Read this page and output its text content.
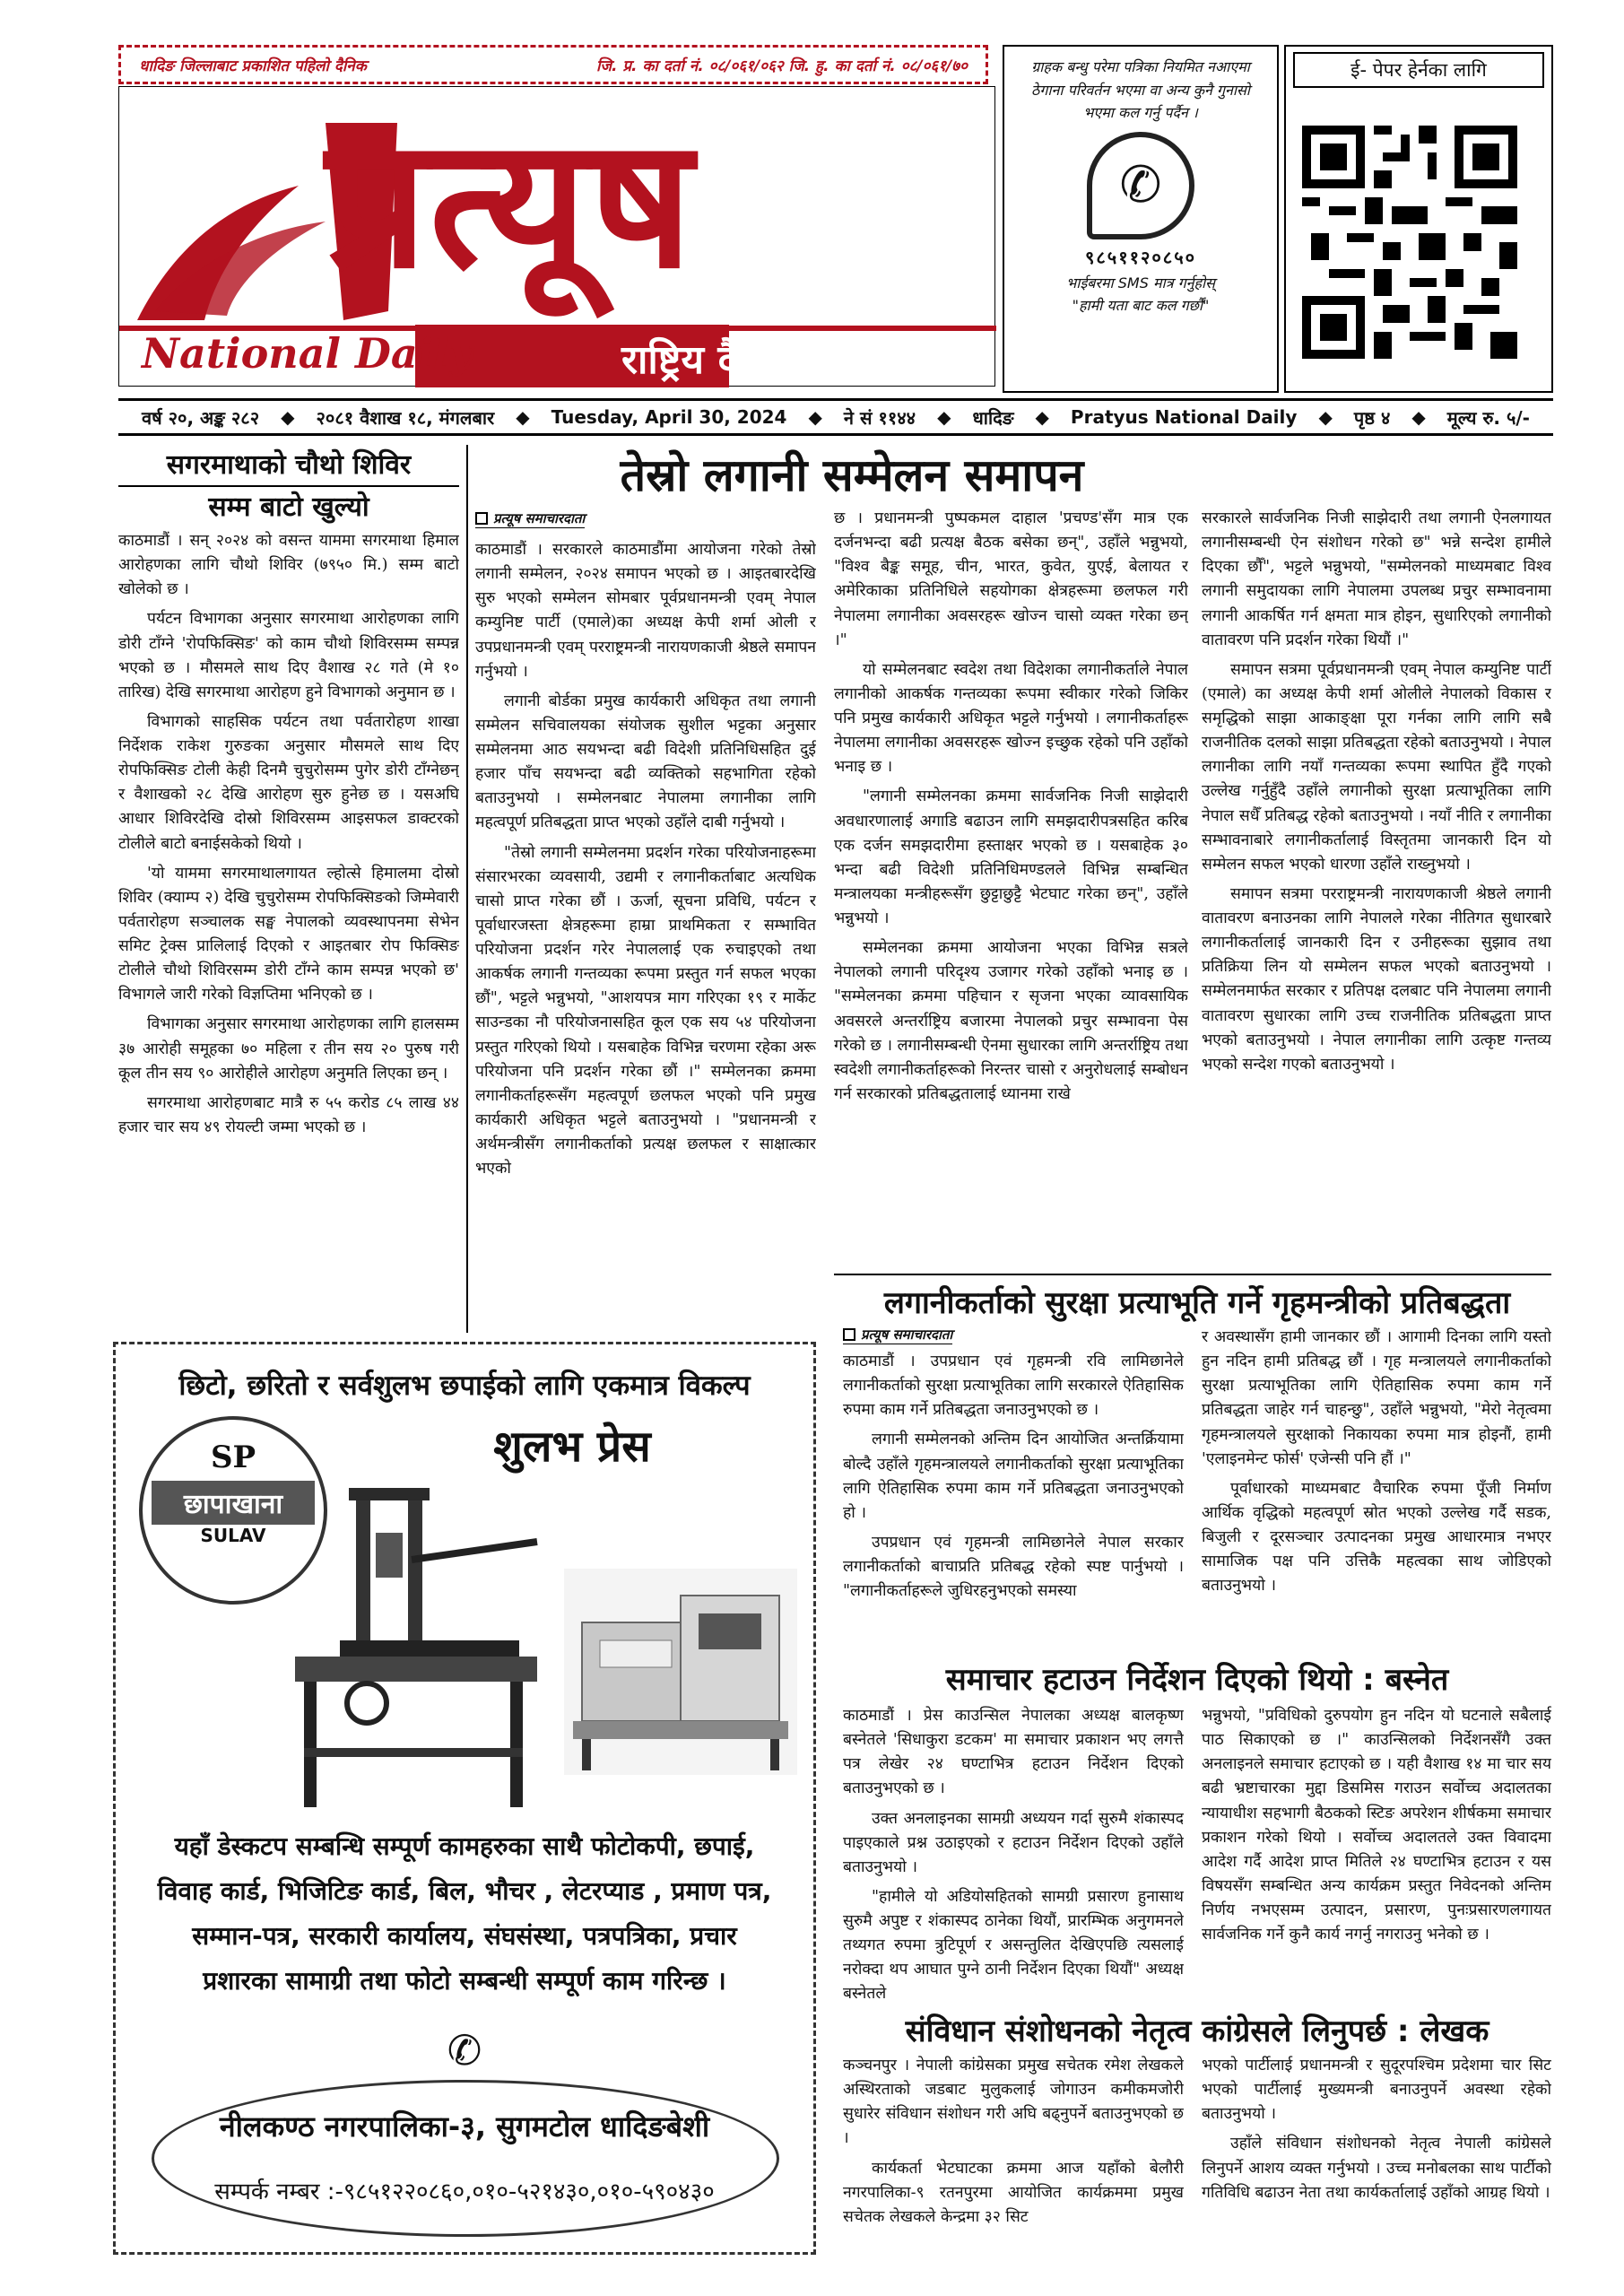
धादिङ जिल्लाबाट प्रकाशित पहिलो दैनिक	जि. प्र. का दर्ता नं. ०८/०६१/०६२ जि. हु. का दर्ता नं. ०८/०६१/७०
प्रत्यूष
National Daily	राष्ट्रिय दैनिक
ग्राहक बन्धु परेमा पत्रिका नियमित नआएमा ठेगाना परिवर्तन भएमा वा अन्य कुनै गुनासो भएमा कल गर्नु पर्दैन ।
✆
९८५११२०८५०
भाईबरमा SMS मात्र गर्नुहोस्
"हामी यता बाट कल गर्छौं"
ई- पेपर हेर्नका लागि
वर्ष २०, अङ्क २८२ ◆ २०८१ वैशाख १८, मंगलबार ◆ Tuesday, April 30, 2024 ◆ ने सं ११४४ ◆ धादिङ ◆ Pratyus National Daily ◆ पृष्ठ ४ ◆ मूल्य रु. ५/-
सगरमाथाको चौथो शिविर
सम्म बाटो खुल्यो

काठमाडौं । सन् २०२४ को वसन्त याममा सगरमाथा हिमाल आरोहणका लागि चौथो शिविर (७९५० मि.) सम्म बाटो खोलेको छ ।

पर्यटन विभागका अनुसार सगरमाथा आरोहणका लागि डोरी टाँग्ने 'रोपफिक्सिङ' को काम चौथो शिविरसम्म सम्पन्न भएको छ । मौसमले साथ दिए वैशाख २८ गते (मे १० तारिख) देखि सगरमाथा आरोहण हुने विभागको अनुमान छ ।

विभागको साहसिक पर्यटन तथा पर्वतारोहण शाखा निर्देशक राकेश गुरुङका अनुसार मौसमले साथ दिए रोपफिक्सिङ टोली केही दिनमै चुचुरोसम्म पुगेर डोरी टाँग्नेछन् र वैशाखको २८ देखि आरोहण सुरु हुनेछ छ । यसअघि आधार शिविरदेखि दोस्रो शिविरसम्म आइसफल डाक्टरको टोलीले बाटो बनाईसकेको थियो ।

'यो याममा सगरमाथालगायत ल्होत्से हिमालमा दोस्रो शिविर (क्याम्प २) देखि चुचुरोसम्म रोपफिक्सिङको जिम्मेवारी पर्वतारोहण सञ्चालक सङ्घ नेपालको व्यवस्थापनमा सेभेन समिट ट्रेक्स प्रालिलाई दिएको र आइतबार रोप फिक्सिङ टोलीले चौथो शिविरसम्म डोरी टाँग्ने काम सम्पन्न भएको छ' विभागले जारी गरेको विज्ञप्तिमा भनिएको छ ।

विभागका अनुसार सगरमाथा आरोहणका लागि हालसम्म ३७ आरोही समूहका ७० महिला र तीन सय २० पुरुष गरी कूल तीन सय ९० आरोहीले आरोहण अनुमति लिएका छन् ।

सगरमाथा आरोहणबाट मात्रै रु ५५ करोड ८५ लाख ४४ हजार चार सय ४९ रोयल्टी जम्मा भएको छ ।

तेस्रो लगानी सम्मेलन समापन
प्रत्यूष समाचारदाता

काठमाडौं । सरकारले काठमाडौंमा आयोजना गरेको तेस्रो लगानी सम्मेलन, २०२४ समापन भएको छ । आइतबारदेखि सुरु भएको सम्मेलन सोमबार पूर्वप्रधानमन्त्री एवम् नेपाल कम्युनिष्ट पार्टी (एमाले)का अध्यक्ष केपी शर्मा ओली र उपप्रधानमन्त्री एवम् परराष्ट्रमन्त्री नारायणकाजी श्रेष्ठले समापन गर्नुभयो ।

लगानी बोर्डका प्रमुख कार्यकारी अधिकृत तथा लगानी सम्मेलन सचिवालयका संयोजक सुशील भट्टका अनुसार सम्मेलनमा आठ सयभन्दा बढी विदेशी प्रतिनिधिसहित दुई हजार पाँच सयभन्दा बढी व्यक्तिको सहभागिता रहेको बताउनुभयो । सम्मेलनबाट नेपालमा लगानीका लागि महत्वपूर्ण प्रतिबद्धता प्राप्त भएको उहाँले दाबी गर्नुभयो ।

"तेस्रो लगानी सम्मेलनमा प्रदर्शन गरेका परियोजनाहरूमा संसारभरका व्यवसायी, उद्यमी र लगानीकर्ताबाट अत्यधिक चासो प्राप्त गरेका छौं । ऊर्जा, सूचना प्रविधि, पर्यटन र पूर्वाधारजस्ता क्षेत्रहरूमा हाम्रा प्राथमिकता र सम्भावित परियोजना प्रदर्शन गरेर नेपाललाई एक रुचाइएको तथा आकर्षक लगानी गन्तव्यका रूपमा प्रस्तुत गर्न सफल भएका छौं", भट्टले भन्नुभयो, "आशयपत्र माग गरिएका १९ र मार्केट साउन्डका नौ परियोजनासहित कूल एक सय ५४ परियोजना प्रस्तुत गरिएको थियो । यसबाहेक विभिन्न चरणमा रहेका अरू परियोजना पनि प्रदर्शन गरेका छौं ।" सम्मेलनका क्रममा लगानीकर्ताहरूसँग महत्वपूर्ण छलफल भएको पनि प्रमुख कार्यकारी अधिकृत भट्टले बताउनुभयो । "प्रधानमन्त्री र अर्थमन्त्रीसँग लगानीकर्ताको प्रत्यक्ष छलफल र साक्षात्कार भएको

छ । प्रधानमन्त्री पुष्पकमल दाहाल 'प्रचण्ड'सँग मात्र एक दर्जनभन्दा बढी प्रत्यक्ष बैठक बसेका छन्", उहाँले भन्नुभयो, "विश्व बैङ्क समूह, चीन, भारत, कुवेत, युएई, बेलायत र अमेरिकाका प्रतिनिधिले सहयोगका क्षेत्रहरूमा छलफल गरी नेपालमा लगानीका अवसरहरू खोज्न चासो व्यक्त गरेका छन् ।"

यो सम्मेलनबाट स्वदेश तथा विदेशका लगानीकर्ताले नेपाल लगानीको आकर्षक गन्तव्यका रूपमा स्वीकार गरेको जिकिर पनि प्रमुख कार्यकारी अधिकृत भट्टले गर्नुभयो । लगानीकर्ताहरू नेपालमा लगानीका अवसरहरू खोज्न इच्छुक रहेको पनि उहाँको भनाइ छ ।

"लगानी सम्मेलनका क्रममा सार्वजनिक निजी साझेदारी अवधारणालाई अगाडि बढाउन लागि समझदारीपत्रसहित करिब एक दर्जन समझदारीमा हस्ताक्षर भएको छ । यसबाहेक ३० भन्दा बढी विदेशी प्रतिनिधिमण्डलले विभिन्न सम्बन्धित मन्त्रालयका मन्त्रीहरूसँग छुट्टाछुट्टै भेटघाट गरेका छन्", उहाँले भन्नुभयो ।

सम्मेलनका क्रममा आयोजना भएका विभिन्न सत्रले नेपालको लगानी परिदृश्य उजागर गरेको उहाँको भनाइ छ । "सम्मेलनका क्रममा पहिचान र सृजना भएका व्यावसायिक अवसरले अन्तर्राष्ट्रिय बजारमा नेपालको प्रचुर सम्भावना पेस गरेको छ । लगानीसम्बन्धी ऐनमा सुधारका लागि अन्तर्राष्ट्रिय तथा स्वदेशी लगानीकर्ताहरूको निरन्तर चासो र अनुरोधलाई सम्बोधन गर्न सरकारको प्रतिबद्धतालाई ध्यानमा राखे

सरकारले सार्वजनिक निजी साझेदारी तथा लगानी ऐनलगायत लगानीसम्बन्धी ऐन संशोधन गरेको छ" भन्ने सन्देश हामीले दिएका छौँ", भट्टले भन्नुभयो, "सम्मेलनको माध्यमबाट विश्व लगानी समुदायका लागि नेपालमा उपलब्ध प्रचुर सम्भावनामा लगानी आकर्षित गर्न क्षमता मात्र होइन, सुधारिएको लगानीको वातावरण पनि प्रदर्शन गरेका थियौं ।"

समापन सत्रमा पूर्वप्रधानमन्त्री एवम् नेपाल कम्युनिष्ट पार्टी (एमाले) का अध्यक्ष केपी शर्मा ओलीले नेपालको विकास र समृद्धिको साझा आकाङ्क्षा पूरा गर्नका लागि लागि सबै राजनीतिक दलको साझा प्रतिबद्धता रहेको बताउनुभयो । नेपाल लगानीका लागि नयाँ गन्तव्यका रूपमा स्थापित हुँदै गएको उल्लेख गर्नुहुँदै उहाँले लगानीको सुरक्षा प्रत्याभूतिका लागि नेपाल सधैँ प्रतिबद्ध रहेको बताउनुभयो । नयाँ नीति र लगानीका सम्भावनाबारे लगानीकर्तालाई विस्तृतमा जानकारी दिन यो सम्मेलन सफल भएको धारणा उहाँले राख्नुभयो ।

समापन सत्रमा परराष्ट्रमन्त्री नारायणकाजी श्रेष्ठले लगानी वातावरण बनाउनका लागि नेपालले गरेका नीतिगत सुधारबारे लगानीकर्तालाई जानकारी दिन र उनीहरूका सुझाव तथा प्रतिक्रिया लिन यो सम्मेलन सफल भएको बताउनुभयो । सम्मेलनमार्फत सरकार र प्रतिपक्ष दलबाट पनि नेपालमा लगानी वातावरण सुधारका लागि उच्च राजनीतिक प्रतिबद्धता प्राप्त भएको बताउनुभयो । नेपाल लगानीका लागि उत्कृष्ट गन्तव्य भएको सन्देश गएको बताउनुभयो ।

लगानीकर्ताको सुरक्षा प्रत्याभूति गर्ने गृहमन्त्रीको प्रतिबद्धता
प्रत्यूष समाचारदाता

काठमाडौं । उपप्रधान एवं गृहमन्त्री रवि लामिछानेले लगानीकर्ताको सुरक्षा प्रत्याभूतिका लागि सरकारले ऐतिहासिक रुपमा काम गर्ने प्रतिबद्धता जनाउनुभएको छ ।

लगानी सम्मेलनको अन्तिम दिन आयोजित अन्तर्क्रियामा बोल्दै उहाँले गृहमन्त्रालयले लगानीकर्ताको सुरक्षा प्रत्याभूतिका लागि ऐतिहासिक रुपमा काम गर्ने प्रतिबद्धता जनाउनुभएको हो ।

उपप्रधान एवं गृहमन्त्री लामिछानेले नेपाल सरकार लगानीकर्ताको बाचाप्रति प्रतिबद्ध रहेको स्पष्ट पार्नुभयो । "लगानीकर्ताहरूले जुधिरहनुभएको समस्या

र अवस्थासँग हामी जानकार छौं । आगामी दिनका लागि यस्तो हुन नदिन हामी प्रतिबद्ध छौं । गृह मन्त्रालयले लगानीकर्ताको सुरक्षा प्रत्याभूतिका लागि ऐतिहासिक रुपमा काम गर्ने प्रतिबद्धता जाहेर गर्न चाहन्छु", उहाँले भन्नुभयो, "मेरो नेतृत्वमा गृहमन्त्रालयले सुरक्षाको निकायका रुपमा मात्र होइनौं, हामी 'एलाइनमेन्ट फोर्स' एजेन्सी पनि हौं ।"

पूर्वाधारको माध्यमबाट वैचारिक रुपमा पूँजी निर्माण आर्थिक वृद्धिको महत्वपूर्ण स्रोत भएको उल्लेख गर्दै सडक, बिजुली र दूरसञ्चार उत्पादनका प्रमुख आधारमात्र नभएर सामाजिक पक्ष पनि उत्तिकै महत्वका साथ जोडिएको बताउनुभयो ।

समाचार हटाउन निर्देशन दिएको थियो : बस्नेत

काठमाडौं । प्रेस काउन्सिल नेपालका अध्यक्ष बालकृष्ण बस्नेतले 'सिधाकुरा डटकम' मा समाचार प्रकाशन भए लगत्तै पत्र लेखेर २४ घण्टाभित्र हटाउन निर्देशन दिएको बताउनुभएको छ ।

उक्त अनलाइनका सामग्री अध्ययन गर्दा सुरुमै शंकास्पद पाइएकाले प्रश्न उठाइएको र हटाउन निर्देशन दिएको उहाँले बताउनुभयो ।

"हामीले यो अडियोसहितको सामग्री प्रसारण हुनासाथ सुरुमै अपुष्ट र शंकास्पद ठानेका थियौं, प्रारम्भिक अनुगमनले तथ्यगत रुपमा त्रुटिपूर्ण र असन्तुलित देखिएपछि त्यसलाई नरोक्दा थप आघात पुग्ने ठानी निर्देशन दिएका थियौं" अध्यक्ष बस्नेतले

भन्नुभयो, "प्रविधिको दुरुपयोग हुन नदिन यो घटनाले सबैलाई पाठ सिकाएको छ ।" काउन्सिलको निर्देशनसँगै उक्त अनलाइनले समाचार हटाएको छ । यही वैशाख १४ मा चार सय बढी भ्रष्टाचारका मुद्दा डिसमिस गराउन सर्वोच्च अदालतका न्यायाधीश सहभागी बैठकको स्टिङ अपरेशन शीर्षकमा समाचार प्रकाशन गरेको थियो । सर्वोच्च अदालतले उक्त विवादमा आदेश गर्दै आदेश प्राप्त मितिले २४ घण्टाभित्र हटाउन र यस विषयसँग सम्बन्धित अन्य कार्यक्रम प्रस्तुत निवेदनको अन्तिम निर्णय नभएसम्म उत्पादन, प्रसारण, पुनःप्रसारणलगायत सार्वजनिक गर्ने कुनै कार्य नगर्नु नगराउनु भनेको छ ।

संविधान संशोधनको नेतृत्व कांग्रेसले लिनुपर्छ : लेखक

कञ्चनपुर । नेपाली कांग्रेसका प्रमुख सचेतक रमेश लेखकले अस्थिरताको जडबाट मुलुकलाई जोगाउन कमीकमजोरी सुधारेर संविधान संशोधन गरी अघि बढ्नुपर्ने बताउनुभएको छ ।

कार्यकर्ता भेटघाटका क्रममा आज यहाँको बेलौरी नगरपालिका-९ रतनपुरमा आयोजित कार्यक्रममा प्रमुख सचेतक लेखकले केन्द्रमा ३२ सिट

भएको पार्टीलाई प्रधानमन्त्री र सुदूरपश्चिम प्रदेशमा चार सिट भएको पार्टीलाई मुख्यमन्त्री बनाउनुपर्ने अवस्था रहेको बताउनुभयो ।

उहाँले संविधान संशोधनको नेतृत्व नेपाली कांग्रेसले लिनुपर्ने आशय व्यक्त गर्नुभयो । उच्च मनोबलका साथ पार्टीको गतिविधि बढाउन नेता तथा कार्यकर्तालाई उहाँको आग्रह थियो ।

छिटो, छरितो र सर्वशुलभ छपाईको लागि एकमात्र विकल्प
शुलभ प्रेस
SP
छापाखाना
SULAV
यहाँ डेस्कटप सम्बन्धि सम्पूर्ण कामहरुका साथै फोटोकपी, छपाई,
विवाह कार्ड, भिजिटिङ कार्ड, बिल, भौचर , लेटरप्याड , प्रमाण पत्र,
सम्मान-पत्र, सरकारी कार्यालय, संघसंस्था, पत्रपत्रिका, प्रचार
प्रशारका सामाग्री तथा फोटो सम्बन्धी सम्पूर्ण काम गरिन्छ ।
✆
नीलकण्ठ नगरपालिका-३, सुगमटोल धादिङबेशी
सम्पर्क नम्बर :-९८५१२२०८६०,०१०-५२१४३०,०१०-५९०४३०
